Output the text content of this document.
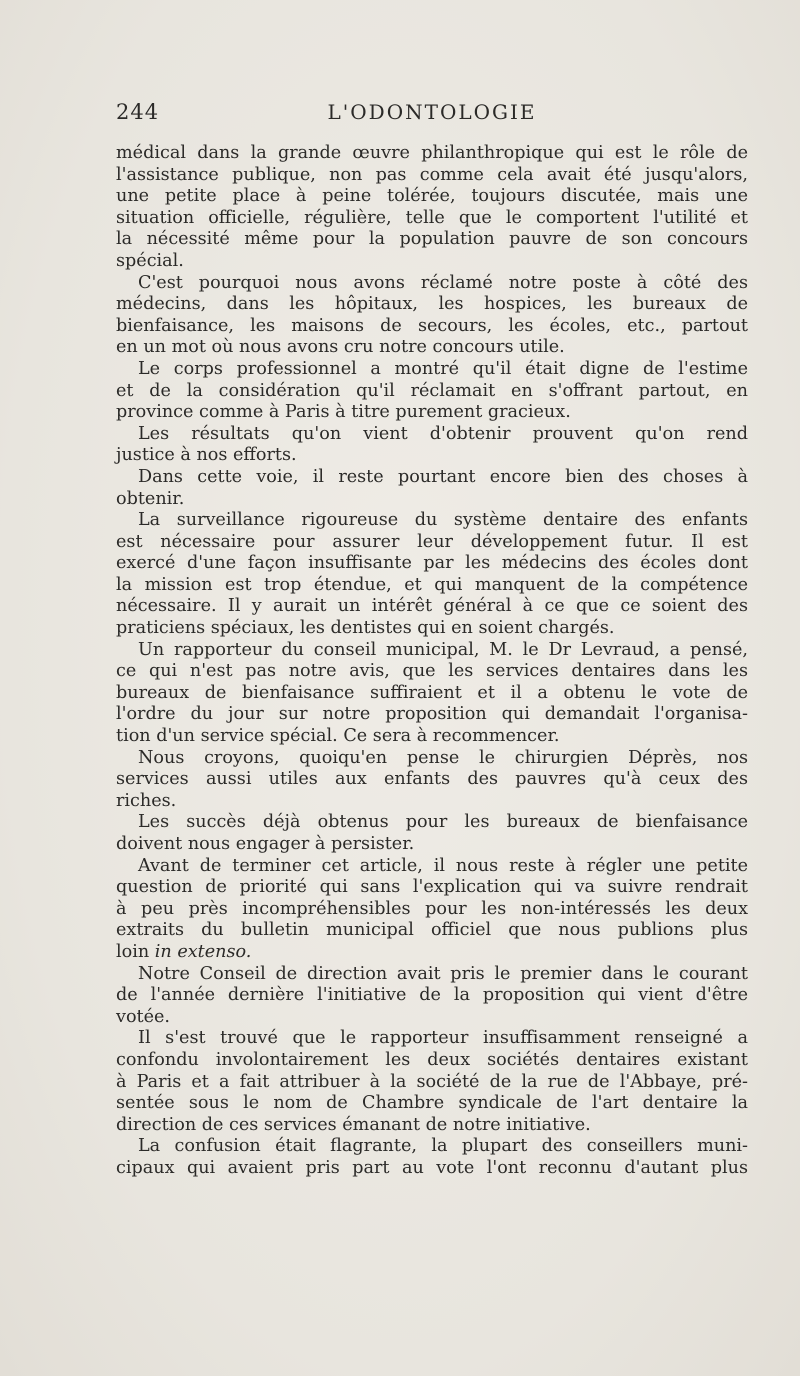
244	L'ODONTOLOGIE

médical dans la grande œuvre philanthropique qui est le rôle de

l'assistance publique, non pas comme cela avait été jusqu'alors,

une petite place à peine tolérée, toujours discutée, mais une

situation officielle, régulière, telle que le comportent l'utilité et

la nécessité même pour la population pauvre de son concours

spécial.

C'est pourquoi nous avons réclamé notre poste à côté des

médecins, dans les hôpitaux, les hospices, les bureaux de

bienfaisance, les maisons de secours, les écoles, etc., partout

en un mot où nous avons cru notre concours utile.

Le corps professionnel a montré qu'il était digne de l'estime

et de la considération qu'il réclamait en s'offrant partout, en

province comme à Paris à titre purement gracieux.

Les résultats qu'on vient d'obtenir prouvent qu'on rend

justice à nos efforts.

Dans cette voie, il reste pourtant encore bien des choses à

obtenir.

La surveillance rigoureuse du système dentaire des enfants

est nécessaire pour assurer leur développement futur. Il est

exercé d'une façon insuffisante par les médecins des écoles dont

la mission est trop étendue, et qui manquent de la compétence

nécessaire. Il y aurait un intérêt général à ce que ce soient des

praticiens spéciaux, les dentistes qui en soient chargés.

Un rapporteur du conseil municipal, M. le Dr Levraud, a pensé,

ce qui n'est pas notre avis, que les services dentaires dans les

bureaux de bienfaisance suffiraient et il a obtenu le vote de

l'ordre du jour sur notre proposition qui demandait l'organisa-

tion d'un service spécial. Ce sera à recommencer.

Nous croyons, quoiqu'en pense le chirurgien Déprès, nos

services aussi utiles aux enfants des pauvres qu'à ceux des

riches.

Les succès déjà obtenus pour les bureaux de bienfaisance

doivent nous engager à persister.

Avant de terminer cet article, il nous reste à régler une petite

question de priorité qui sans l'explication qui va suivre rendrait

à peu près incompréhensibles pour les non-intéressés les deux

extraits du bulletin municipal officiel que nous publions plus

loin in extenso.

Notre Conseil de direction avait pris le premier dans le courant

de l'année dernière l'initiative de la proposition qui vient d'être

votée.

Il s'est trouvé que le rapporteur insuffisamment renseigné a

confondu involontairement les deux sociétés dentaires existant

à Paris et a fait attribuer à la société de la rue de l'Abbaye, pré-

sentée sous le nom de Chambre syndicale de l'art dentaire la

direction de ces services émanant de notre initiative.

La confusion était flagrante, la plupart des conseillers muni-

cipaux qui avaient pris part au vote l'ont reconnu d'autant plus
